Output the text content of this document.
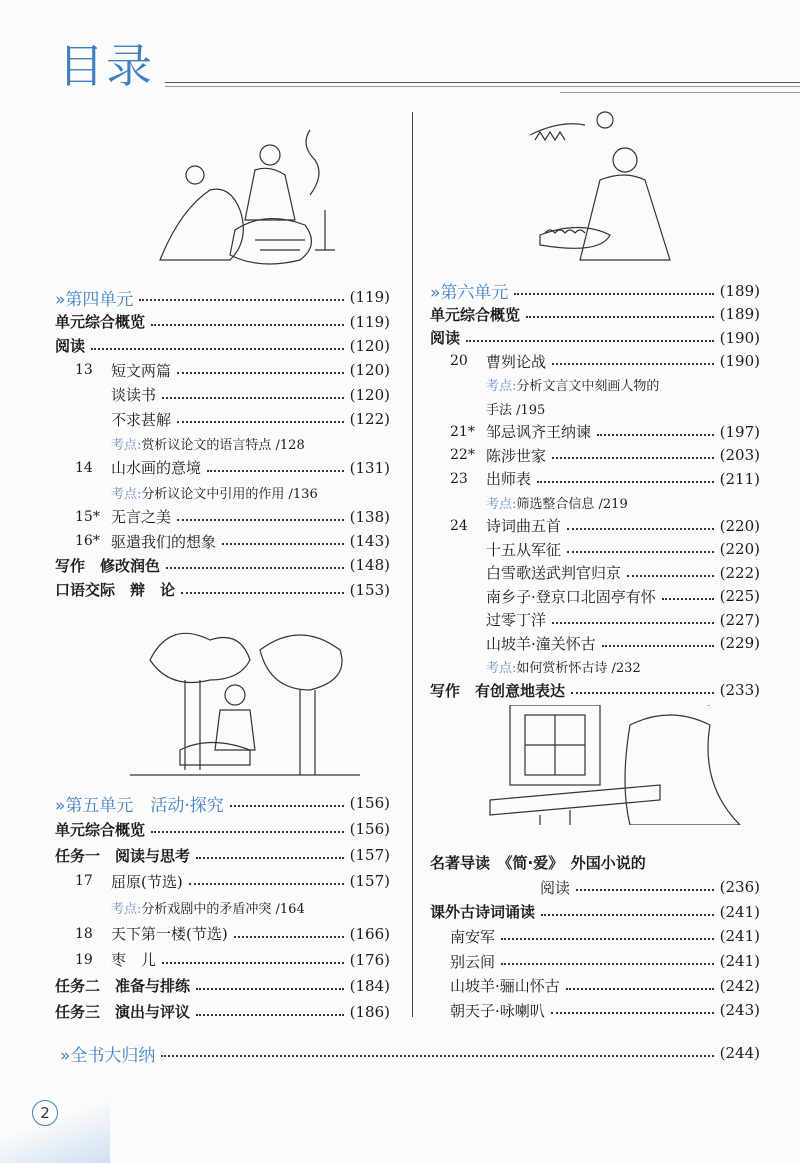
目录
»第四单元	(119)
单元综合概览	(119)
阅读	(120)
13	短文两篇	(120)
谈读书	(120)
不求甚解	(122)
考点: 赏析议论文的语言特点 /128
14	山水画的意境	(131)
考点: 分析议论文中引用的作用 /136
15* 无言之美	(138)
16* 驱遣我们的想象	(143)
写作　修改润色	(148)
口语交际　辩　论	(153)
»第五单元　活动·探究	(156)
单元综合概览	(156)
任务一　阅读与思考	(157)
17	屈原(节选)	(157)
考点: 分析戏剧中的矛盾冲突 /164
18	天下第一楼(节选)	(166)
19	枣　儿	(176)
任务二　准备与排练	(184)
任务三　演出与评议	(186)
»第六单元	(189)
单元综合概览	(189)
阅读	(190)
20	曹刿论战	(190)
考点: 分析文言文中刻画人物的
手法 /195
21* 邹忌讽齐王纳谏	(197)
22* 陈涉世家	(203)
23	出师表	(211)
考点: 筛选整合信息 /219
24	诗词曲五首	(220)
十五从军征	(220)
白雪歌送武判官归京	(222)
南乡子·登京口北固亭有怀	(225)
过零丁洋	(227)
山坡羊·潼关怀古	(229)
考点: 如何赏析怀古诗 /232
写作　有创意地表达	(233)
名著导读　《简·爱》　外国小说的
阅读	(236)
课外古诗词诵读	(241)
南安军	(241)
别云间	(241)
山坡羊·骊山怀古	(242)
朝天子·咏喇叭	(243)
»全书大归纳	(244)
2
